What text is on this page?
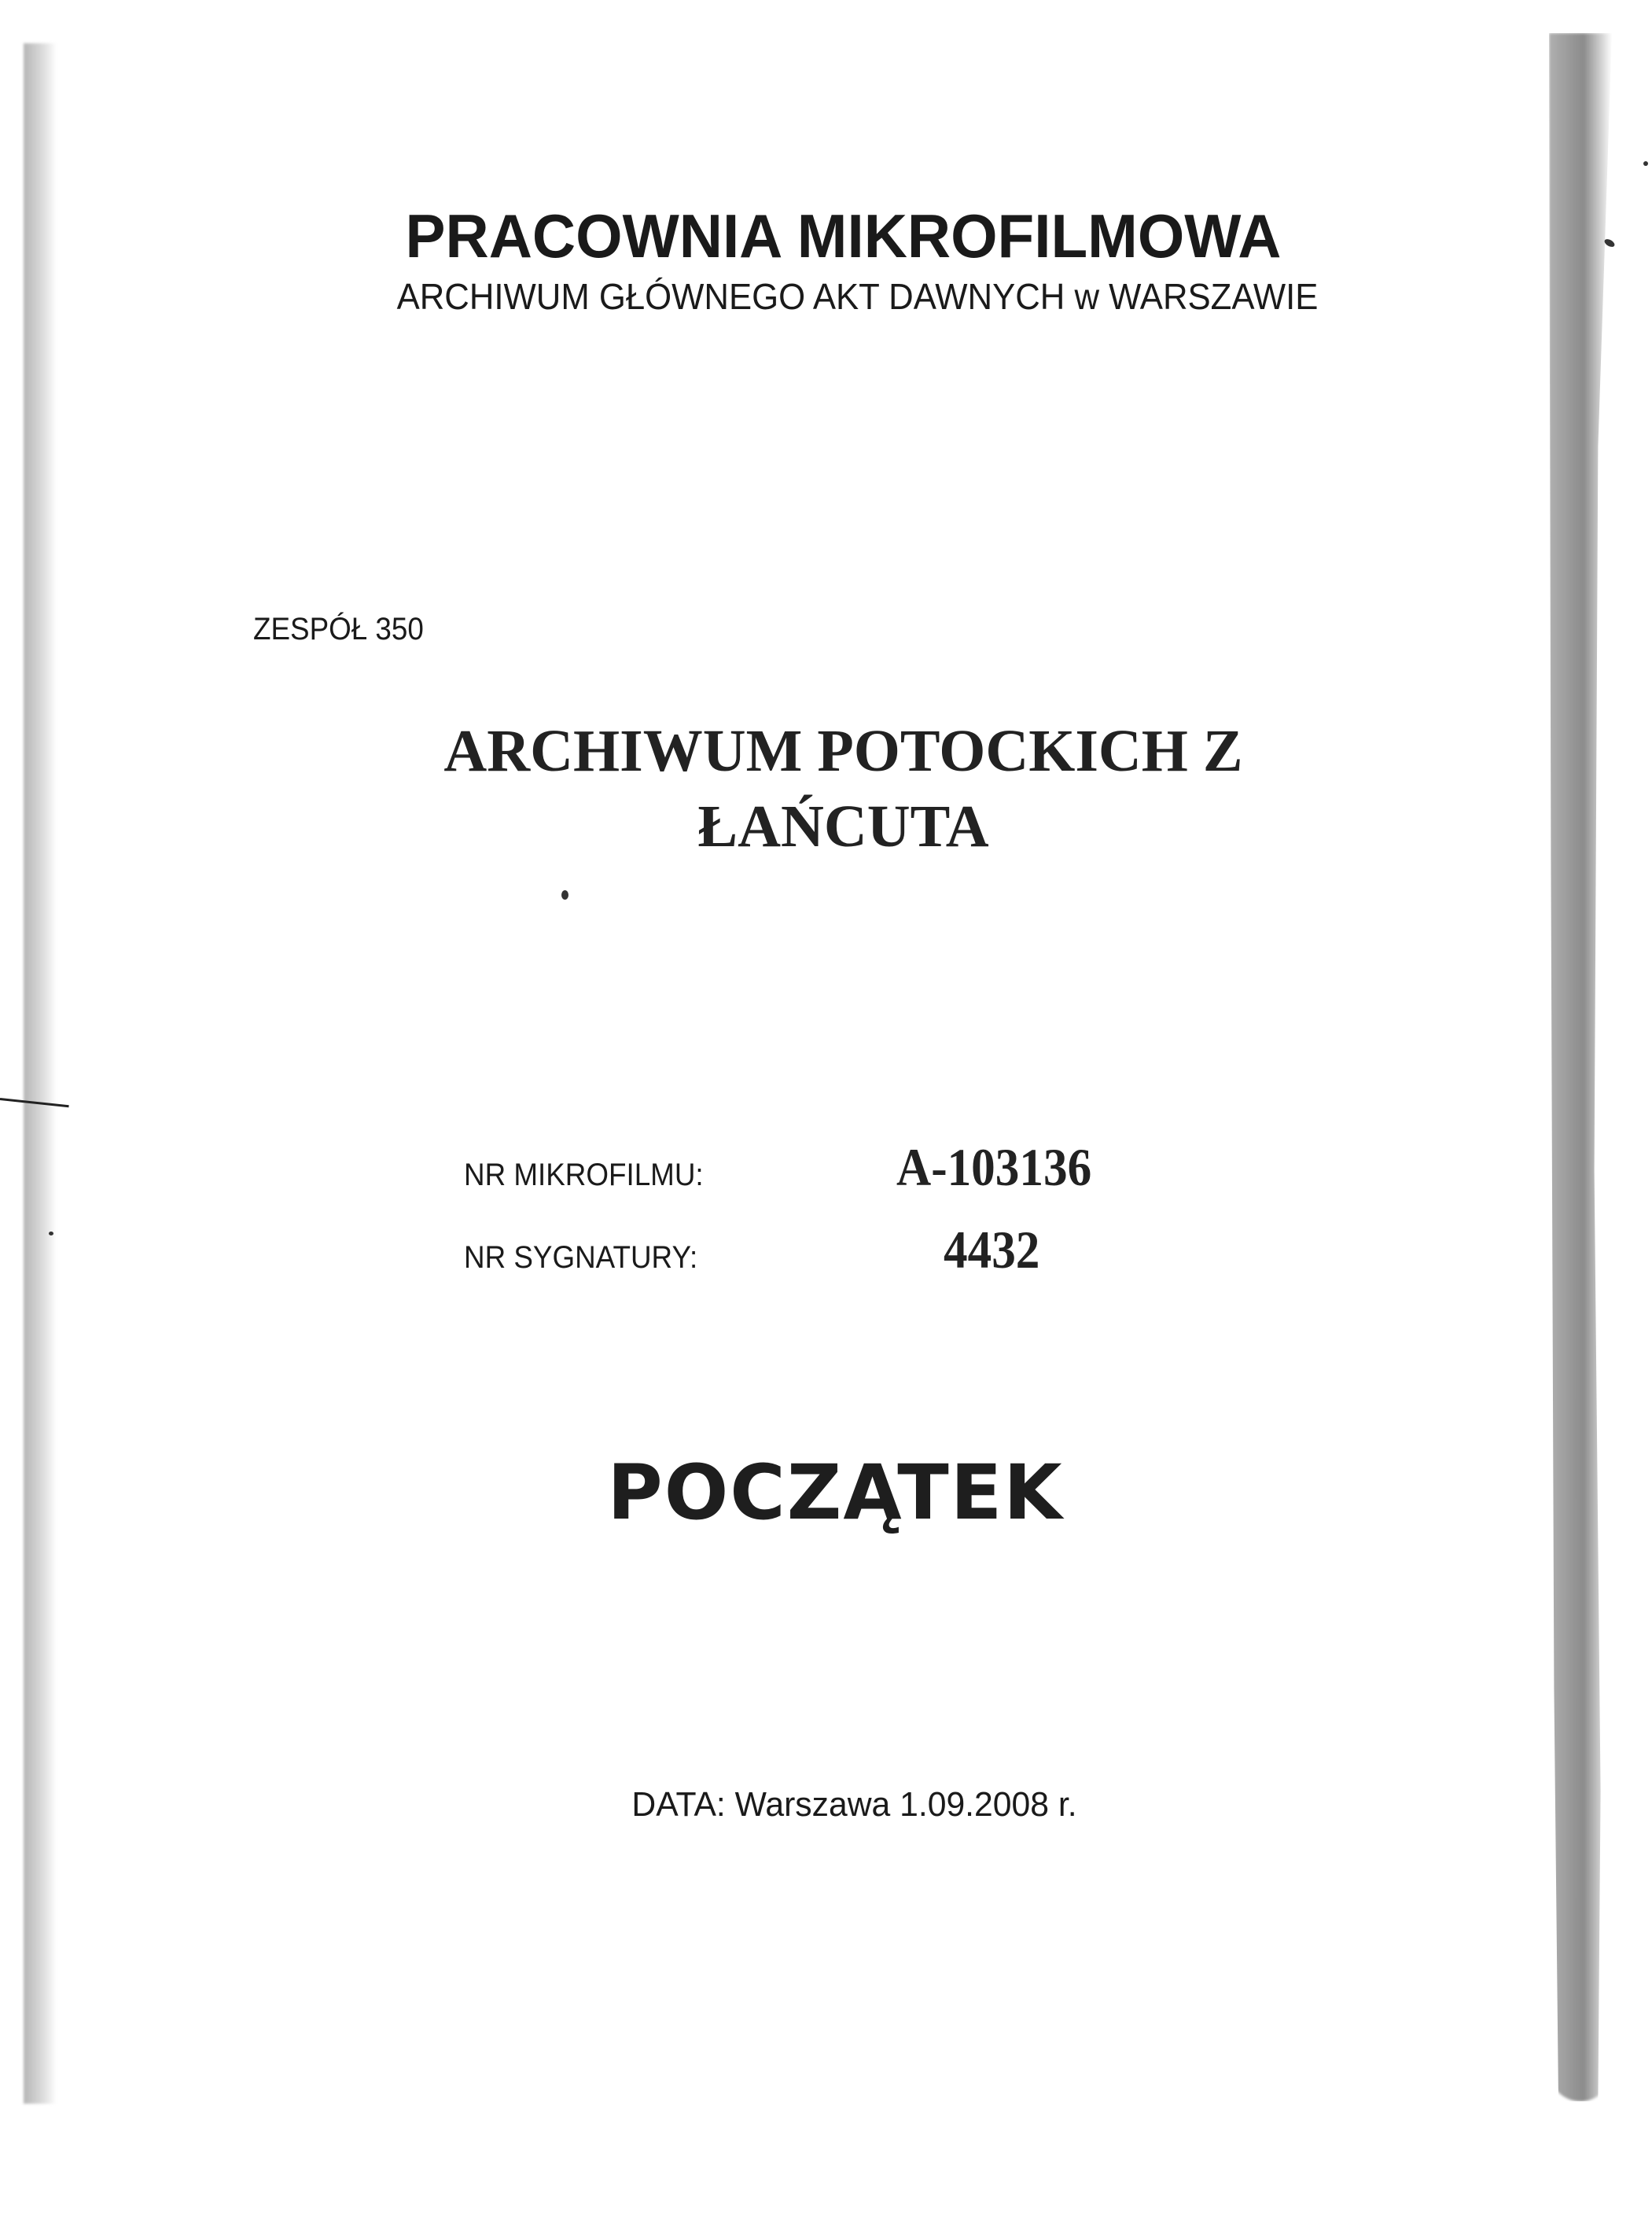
PRACOWNIA MIKROFILMOWA
ARCHIWUM GŁÓWNEGO AKT DAWNYCH w WARSZAWIE
ZESPÓŁ 350
ARCHIWUM POTOCKICH Z
ŁAŃCUTA
NR MIKROFILMU:	A-103136
NR SYGNATURY:	4432
POCZĄTEK
DATA: Warszawa 1.09.2008 r.
